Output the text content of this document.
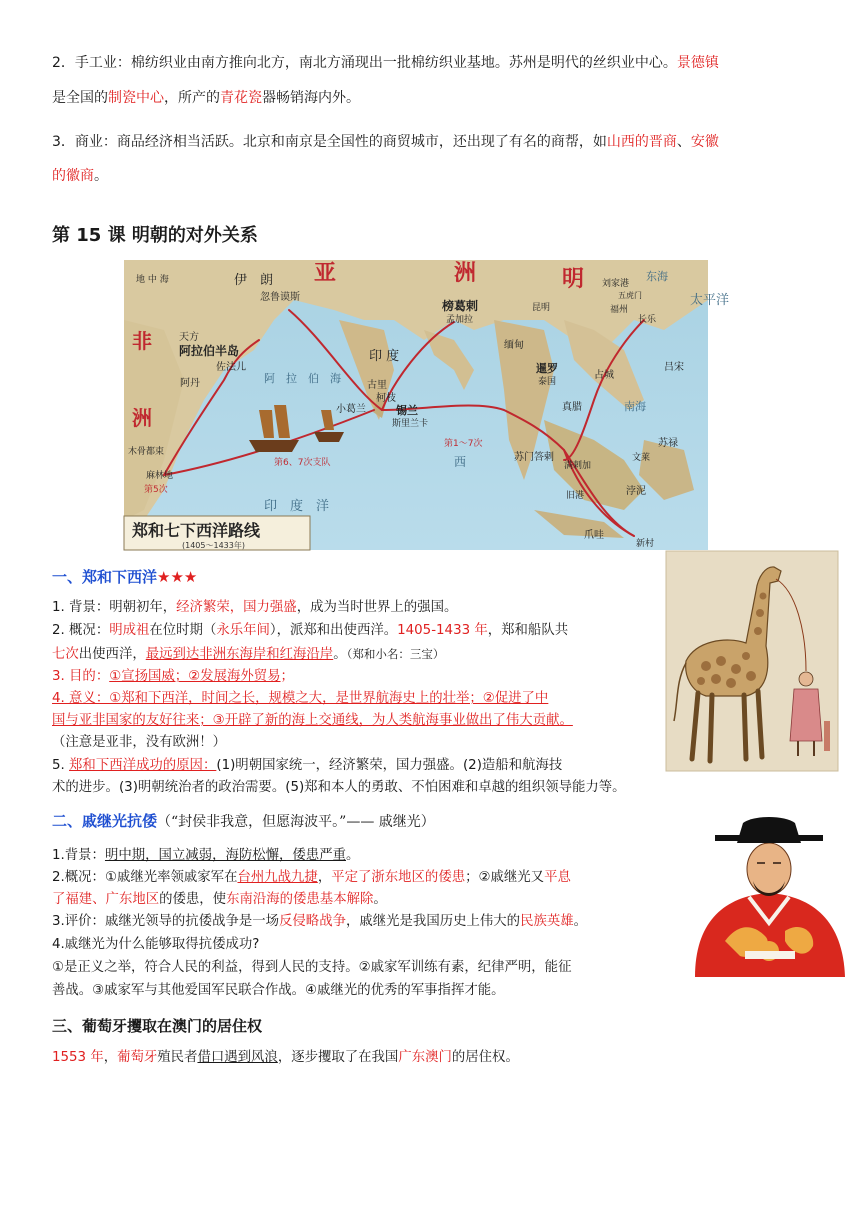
2．手工业：棉纺织业由南方推向北方，南北方涌现出一批棉纺织业基地。苏州是明代的丝织业中心。景德镇
是全国的制瓷中心，所产的青花瓷器畅销海内外。
3．商业：商品经济相当活跃。北京和南京是全国性的商贸城市，还出现了有名的商帮，如山西的晋商、安徽
的徽商。
第 15 课 明朝的对外关系
亚	洲	明
非
洲
伊　朗
地 中 海
忽鲁谟斯
阿拉伯半岛
天方
佐法儿
阿丹	阿　拉　伯　海
印 度
古里
柯枝
小葛兰	锡兰
斯里兰卡
榜葛剌
孟加拉
暹罗
泰国
占城
真腊
满剌加
旧港
爪哇
苏门答剌
刘家港
福州
长乐
五虎门
东海
太平洋
南海
吕宋
苏禄
文莱
浡泥
木骨都束
麻林地
印　度　洋
西
第1～7次
第5次
第6、7次支队
新村
昆明
缅甸
郑和七下西洋路线
(1405～1433年)
一、郑和下西洋★★★
1. 背景：明朝初年，经济繁荣，国力强盛，成为当时世界上的强国。
2. 概况：明成祖在位时期（永乐年间），派郑和出使西洋。1405-1433 年，郑和船队共
七次出使西洋，最远到达非洲东海岸和红海沿岸。（郑和小名：三宝）
3. 目的：①宣扬国威；②发展海外贸易；
4. 意义：①郑和下西洋，时间之长，规模之大，是世界航海史上的壮举；②促进了中
国与亚非国家的友好往来；③开辟了新的海上交通线，为人类航海事业做出了伟大贡献。
（注意是亚非，没有欧洲！）
5. 郑和下西洋成功的原因：(1)明朝国家统一，经济繁荣，国力强盛。(2)造船和航海技
术的进步。(3)明朝统治者的政治需要。(5)郑和本人的勇敢、不怕困难和卓越的组织领导能力等。
二、戚继光抗倭（“封侯非我意，但愿海波平。”—— 戚继光）
1.背景：明中期，国立减弱，海防松懈，倭患严重。
2.概况：①戚继光率领戚家军在台州九战九捷，平定了浙东地区的倭患；②戚继光又平息
了福建、广东地区的倭患，使东南沿海的倭患基本解除。
3.评价：戚继光领导的抗倭战争是一场反侵略战争，戚继光是我国历史上伟大的民族英雄。
4.戚继光为什么能够取得抗倭成功?
①是正义之举，符合人民的利益，得到人民的支持。②戚家军训练有素，纪律严明，能征
善战。③戚家军与其他爱国军民联合作战。④戚继光的优秀的军事指挥才能。
三、葡萄牙攫取在澳门的居住权
1553 年，葡萄牙殖民者借口遇到风浪，逐步攫取了在我国广东澳门的居住权。
